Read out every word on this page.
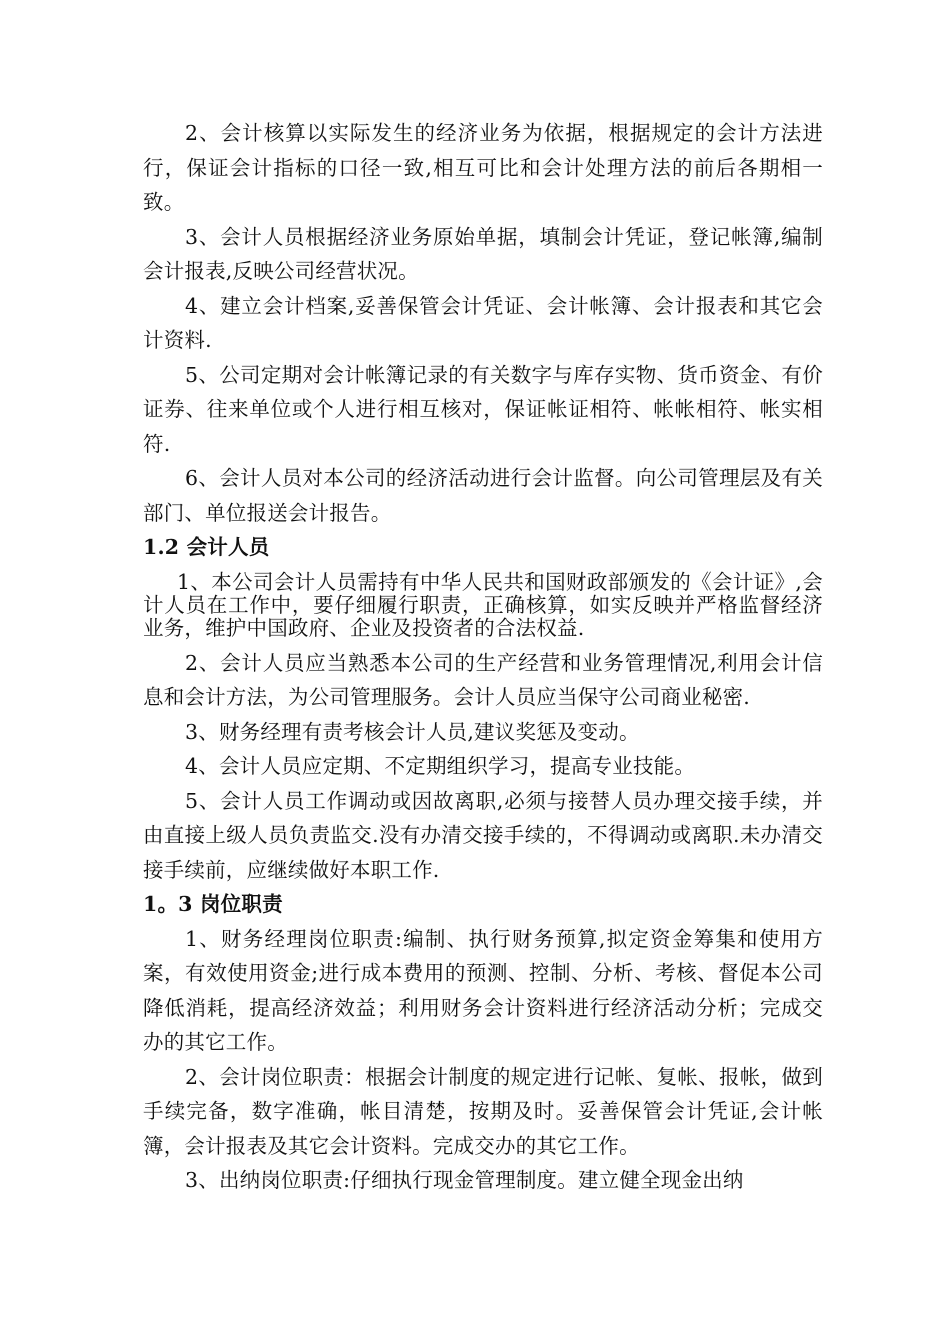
2、会计核算以实际发生的经济业务为依据，根据规定的会计方法进行，保证会计指标的口径一致,相互可比和会计处理方法的前后各期相一致。

3、会计人员根据经济业务原始单据，填制会计凭证，登记帐簿,编制会计报表,反映公司经营状况。

4、建立会计档案,妥善保管会计凭证、会计帐簿、会计报表和其它会计资料.

5、公司定期对会计帐簿记录的有关数字与库存实物、货币资金、有价证券、往来单位或个人进行相互核对，保证帐证相符、帐帐相符、帐实相符.

6、会计人员对本公司的经济活动进行会计监督。向公司管理层及有关部门、单位报送会计报告。

1.2 会计人员

1、本公司会计人员需持有中华人民共和国财政部颁发的《会计证》,会计人员在工作中，要仔细履行职责，正确核算，如实反映并严格监督经济业务，维护中国政府、企业及投资者的合法权益.

2、会计人员应当熟悉本公司的生产经营和业务管理情况,利用会计信息和会计方法，为公司管理服务。会计人员应当保守公司商业秘密.

3、财务经理有责考核会计人员,建议奖惩及变动。

4、会计人员应定期、不定期组织学习，提高专业技能。

5、会计人员工作调动或因故离职,必须与接替人员办理交接手续，并由直接上级人员负责监交.没有办清交接手续的，不得调动或离职.未办清交接手续前，应继续做好本职工作.

1。3 岗位职责

1、财务经理岗位职责:编制、执行财务预算,拟定资金筹集和使用方案，有效使用资金;进行成本费用的预测、控制、分析、考核、督促本公司降低消耗，提高经济效益；利用财务会计资料进行经济活动分析；完成交办的其它工作。

2、会计岗位职责：根据会计制度的规定进行记帐、复帐、报帐，做到手续完备，数字准确，帐目清楚，按期及时。妥善保管会计凭证,会计帐簿，会计报表及其它会计资料。完成交办的其它工作。

3、出纳岗位职责:仔细执行现金管理制度。建立健全现金出纳
